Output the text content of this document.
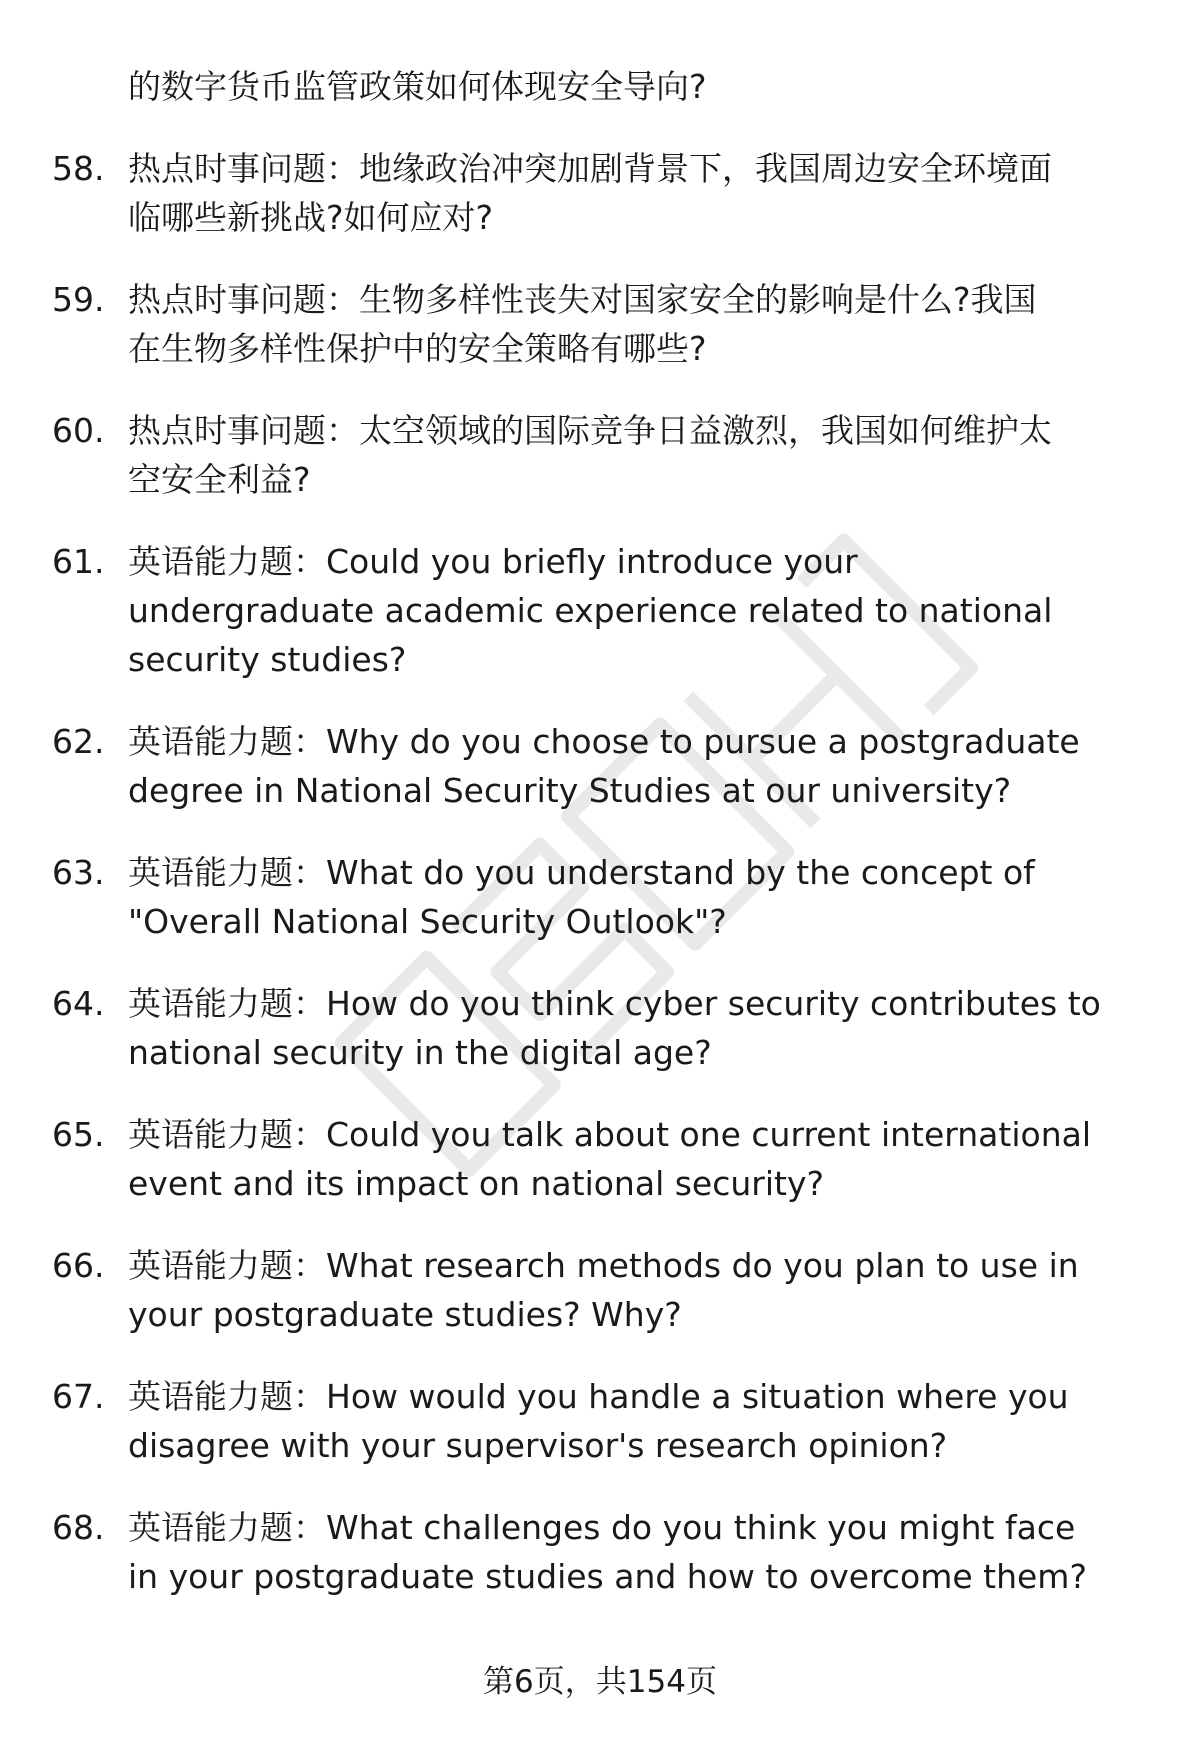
的数字货币监管政策如何体现安全导向?
58. 热点时事问题：地缘政治冲突加剧背景下，我国周边安全环境面
临哪些新挑战?如何应对?
59. 热点时事问题：生物多样性丧失对国家安全的影响是什么?我国
在生物多样性保护中的安全策略有哪些?
60. 热点时事问题：太空领域的国际竞争日益激烈，我国如何维护太
空安全利益?
61. 英语能力题：Could you briefly introduce your
undergraduate academic experience related to national
security studies?
62. 英语能力题：Why do you choose to pursue a postgraduate
degree in National Security Studies at our university?
63. 英语能力题：What do you understand by the concept of
"Overall National Security Outlook"?
64. 英语能力题：How do you think cyber security contributes to
national security in the digital age?
65. 英语能力题：Could you talk about one current international
event and its impact on national security?
66. 英语能力题：What research methods do you plan to use in
your postgraduate studies? Why?
67. 英语能力题：How would you handle a situation where you
disagree with your supervisor's research opinion?
68. 英语能力题：What challenges do you think you might face
in your postgraduate studies and how to overcome them?
第6页，共154页
